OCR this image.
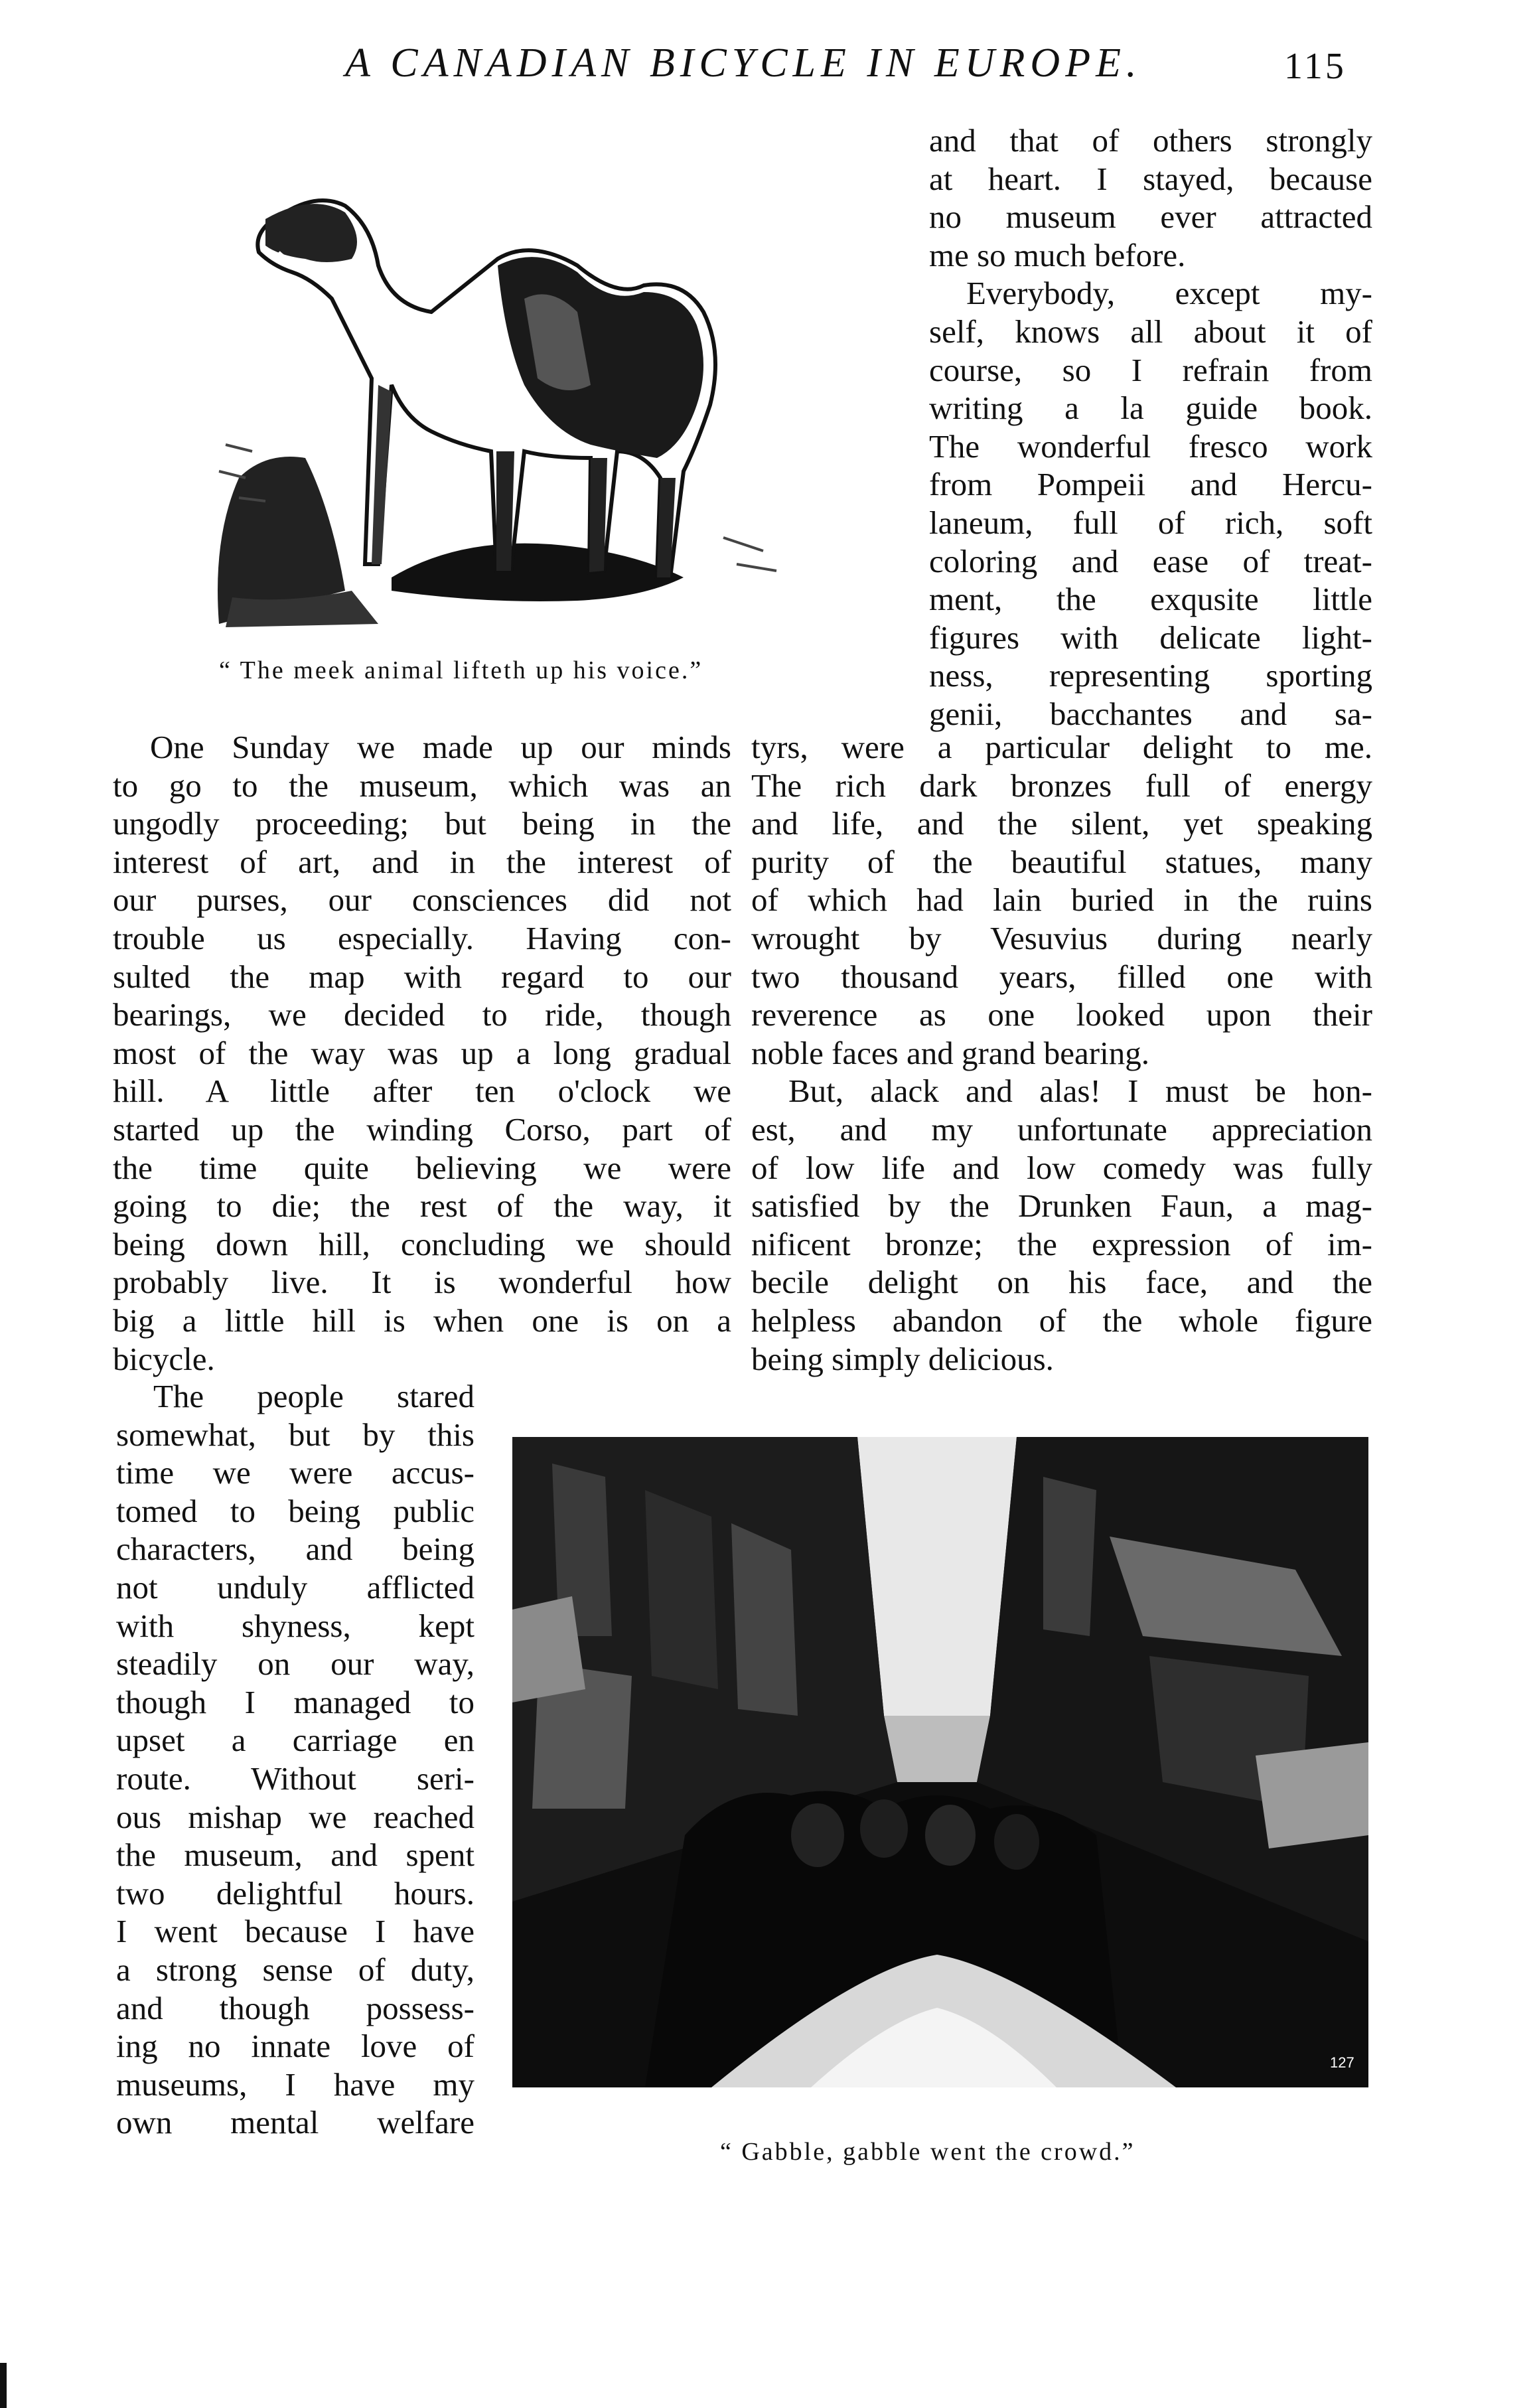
A CANADIAN BICYCLE IN EUROPE.	115
“ The meek animal lifteth up his voice.”
and that of others strongly
at heart. I stayed, because
no museum ever attracted
me so much before.
Everybody, except my-
self, knows all about it of
course, so I refrain from
writing a la guide book.
The wonderful fresco work
from Pompeii and Hercu-
laneum, full of rich, soft
coloring and ease of treat-
ment, the exqusite little
figures with delicate light-
ness, representing sporting
genii, bacchantes and sa-
One Sunday we made up our minds
to go to the museum, which was an
ungodly proceeding; but being in the
interest of art, and in the interest of
our purses, our consciences did not
trouble us especially. Having con-
sulted the map with regard to our
bearings, we decided to ride, though
most of the way was up a long gradual
hill. A little after ten o'clock we
started up the winding Corso, part of
the time quite believing we were
going to die; the rest of the way, it
being down hill, concluding we should
probably live. It is wonderful how
big a little hill is when one is on a
bicycle.
The people stared
somewhat, but by this
time we were accus-
tomed to being public
characters, and being
not unduly afflicted
with shyness, kept
steadily on our way,
though I managed to
upset a carriage en
route. Without seri-
ous mishap we reached
the museum, and spent
two delightful hours.
I went because I have
a strong sense of duty,
and though possess-
ing no innate love of
museums, I have my
own mental welfare
tyrs, were a particular delight to me.
The rich dark bronzes full of energy
and life, and the silent, yet speaking
purity of the beautiful statues, many
of which had lain buried in the ruins
wrought by Vesuvius during nearly
two thousand years, filled one with
reverence as one looked upon their
noble faces and grand bearing.
But, alack and alas! I must be hon-
est, and my unfortunate appreciation
of low life and low comedy was fully
satisfied by the Drunken Faun, a mag-
nificent bronze; the expression of im-
becile delight on his face, and the
helpless abandon of the whole figure
being simply delicious.
127
“ Gabble, gabble went the crowd.”
